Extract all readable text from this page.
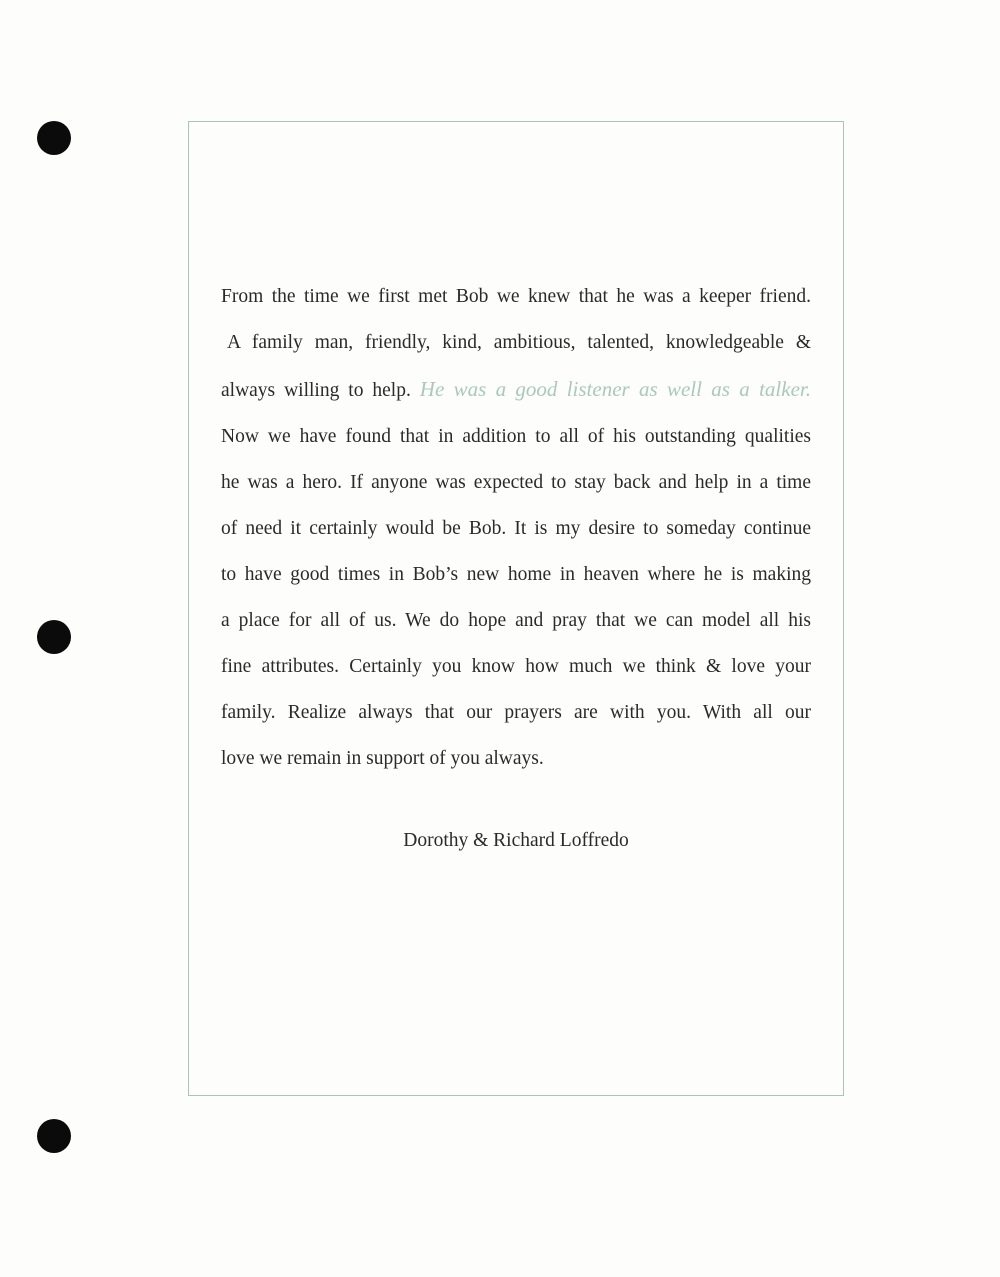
From the time we first met Bob we knew that he was a keeper friend.
A family man, friendly, kind, ambitious, talented, knowledgeable &
always willing to help. He was a good listener as well as a talker.
Now we have found that in addition to all of his outstanding qualities
he was a hero. If anyone was expected to stay back and help in a time
of need it certainly would be Bob. It is my desire to someday continue
to have good times in Bob’s new home in heaven where he is making
a place for all of us. We do hope and pray that we can model all his
fine attributes. Certainly you know how much we think & love your
family. Realize always that our prayers are with you. With all our
love we remain in support of you always.
Dorothy & Richard Loffredo
